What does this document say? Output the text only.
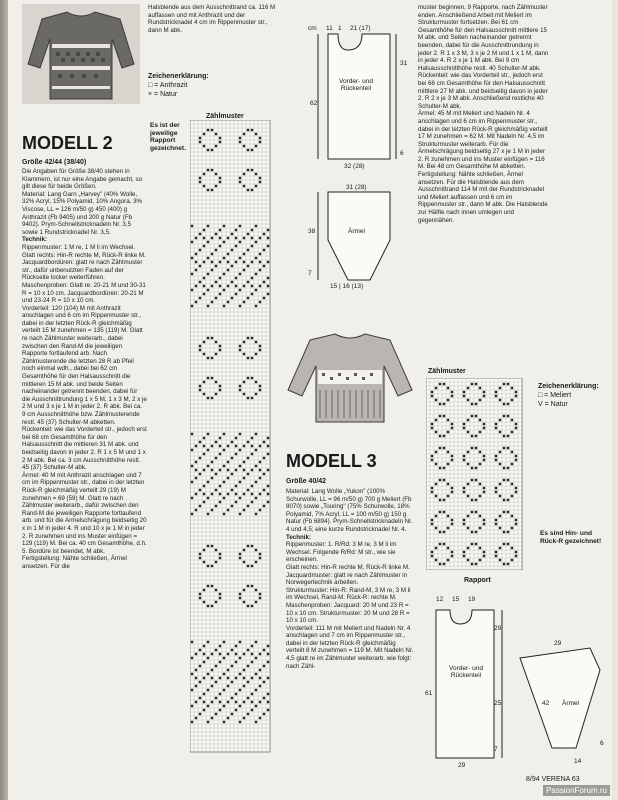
MODELL 2
Größe 42/44 (38/40)

Die Angaben für Größe 38/40 stehen in Klammern, ist nur eine Angabe gemacht, so gilt diese für beide Größen.

Material: Lang Garn „Harvey" (40% Wolle, 32% Acryl, 15% Polyamid, 10% Angora, 3% Viscose, LL = 126 m/50 g) 450 (400) g Anthrazit (Fb 9405) und 200 g Natur (Fb 9402). Prym-Schnellstricknadeln Nr. 3,5 sowie 1 Rundstricknadel Nr. 3,5.

Technik:

Rippenmuster: 1 M re, 1 M li im Wechsel.

Glatt rechts: Hin-R rechte M, Rück-R linke M.

Jacquardbordüren: glatt re nach Zählmuster str., dafür unbenutzten Faden auf der Rückseite locker weiterführen.

Maschenproben: Glatt re: 20-21 M und 30-31 R = 10 x 10 cm. Jacquardbordüren: 20-21 M und 23-24 R = 10 x 10 cm.

Vorderteil: 120 (104) M mit Anthrazit anschlagen und 6 cm im Rippenmuster str., dabei in der letzten Rück-R gleichmäßig verteilt 15 M zunehmen = 135 (119) M. Glatt re nach Zählmuster weiterarb., dabei zwischen den Rand-M die jeweiligen Rapporte fortlaufend arb. Nach Zählmusterende die letzten 28 R ab Pfeil noch einmal wdh., dabei bei 62 cm Gesamthöhe für den Halsausschnitt die mittleren 15 M abk. und beide Seiten nacheinander getrennt beenden, dabei für die Ausschnittrundung 1 x 5 M, 1 x 3 M, 2 x je 2 M und 3 x je 1 M in jeder 2. R abk. Bei ca. 9 cm Ausschnitthöhe bzw. Zählmusterende restl. 45 (37) Schulter-M abketten.

Rückenteil: wie das Vorderteil str., jedoch erst bei 68 cm Gesamthöhe für den Halsausschnitt die mittleren 31 M abk. und beidseitig davon in jeder 2. R 1 x 5 M und 1 x 2 M abk. Bei ca. 3 cm Ausschnitthöhe restl. 45 (37) Schulter-M abk.

Ärmel: 40 M mit Anthrazit anschlagen und 7 cm im Rippenmuster str., dabei in der letzten Rück-R gleichmäßig verteilt 29 (19) M zunehmen = 69 (59) M. Glatt re nach Zählmuster weiterarb., dafür zwischen den Rand-M die jeweiligen Rapporte fortlaufend arb. und für die Armelschrägung beidseitig 20 x in 1 M in jeder 4. R und 10 x je 1 M in jeder 2. R zunehmen und ins Muster einfügen = 129 (119) M. Bei ca. 40 cm Gesamthöhe, d.h. 5. Bordüre ist beendet, M abk.

Fertigstellung: Nähte schließen, Ärmel ansetzen. Für die

Halsblende aus dem Ausschnittrand ca. 116 M auffassen und mit Anthrazit und der Rundstricknadel 4 cm im Rippenmuster str., dann M abk.

Zeichenerklärung:
□ = Anthrazit
× = Natur
Zählmuster
Es ist der jeweilige Rapport gezeichnet.
11 1 21 (17)
cm
Vorder- und Rückenteil
31
62
6
32 (28)
31 (28)
Ärmel
38
7
15 | 16 (13)
MODELL 3
Größe 40/42

Material: Lang Wolle „Yukon" (100% Schurwolle, LL = 96 m/50 g) 700 g Meliert (Fb 8070) sowie „Touring" (75% Schurwolle, 18% Polyamid, 7% Acryl, LL = 100 m/50 g) 150 g Natur (Fb 6894). Prym-Schnellstricknadeln Nr. 4 und 4,5; eine kurze Rundstricknadel Nr. 4.

Technik:

Rippenmuster: 1. R/Rd: 3 M re, 3 M li im Wechsel. Folgende R/Rd: M str., wie sie erscheinen.

Glatt rechts: Hin-R rechte M, Rück-R linke M.

Jacquardmuster: glatt re nach Zählmuster in Norwegertechnik arbeiten.

Strukturmuster: Hin-R: Rand-M, 3 M re, 3 M li im Wechsel, Rand-M. Rück-R: rechte M.

Maschenproben: Jacquard: 20 M und 23 R = 10 x 10 cm. Strukturmuster: 20 M und 28 R = 10 x 10 cm.

Vorderteil: 111 M mit Meliert und Nadeln Nr. 4 anschlagen und 7 cm im Rippenmuster str., dabei in der letzten Rück-R gleichmäßig verteilt 8 M zunehmen = 119 M. Mit Nadeln Nr. 4,5 glatt re im Zählmuster weiterarb. wie folgt: nach Zähl-

muster beginnen, 9 Rapporte, nach Zählmuster enden. Anschließend Arbeit mit Meliert im Strukturmuster fortsetzen. Bei 61 cm Gesamthöhe für den Halsausschnitt mittlere 15 M abk. und Seiten nacheinander getrennt beenden, dabei für die Ausschnittrundung in jeder 2. R 1 x 3 M, 3 x je 2 M und 1 x 1 M, dann in jeder 4. R 2 x je 1 M abk. Bei 9 cm Halsausschnitthöhe restl. 40 Schulter-M abk.

Rückenteil: wie das Vorderteil str., jedoch erst bei 68 cm Gesamthöhe für den Halsausschnitt mittlere 27 M abk. und beidseitig davon in jeder 2. R 2 x je 3 M abk. Anschließend restliche 40 Schulter-M abk.

Ärmel: 45 M mit Meliert und Nadeln Nr. 4 anschlagen und 6 cm im Rippenmuster str., dabei in der letzten Rück-R gleichmäßig verteilt 17 M zunehmen = 62 M. Mit Nadeln Nr. 4,5 im Strukturmuster weiterarb. Für die Ärmelschrägung beidseitig 27 x je 1 M in jeder 2. R zunehmen und ins Muster einfügen = 116 M. Bei 48 cm Gesamthöhe M abketten.

Fertigstellung: Nähte schließen, Ärmel ansetzen. Für die Halsblende aus dem Ausschnittrand 114 M mit der Rundstricknadel und Meliert auffassen und 6 cm im Rippenmuster str., dann M abk. Die Halsblende zur Hälfte nach innen umlegen und gegennähen.

Zählmuster
Rapport
Zeichenerklärung:
□ = Meliert
V = Natur
Es sind Hin- und Rück-R gezeichnet!
12 15 19
Vorder- und Rückenteil
29
61
25
7
29
29
Ärmel
42
6
14
8/94 VERENA 63
PassionForum.ru
